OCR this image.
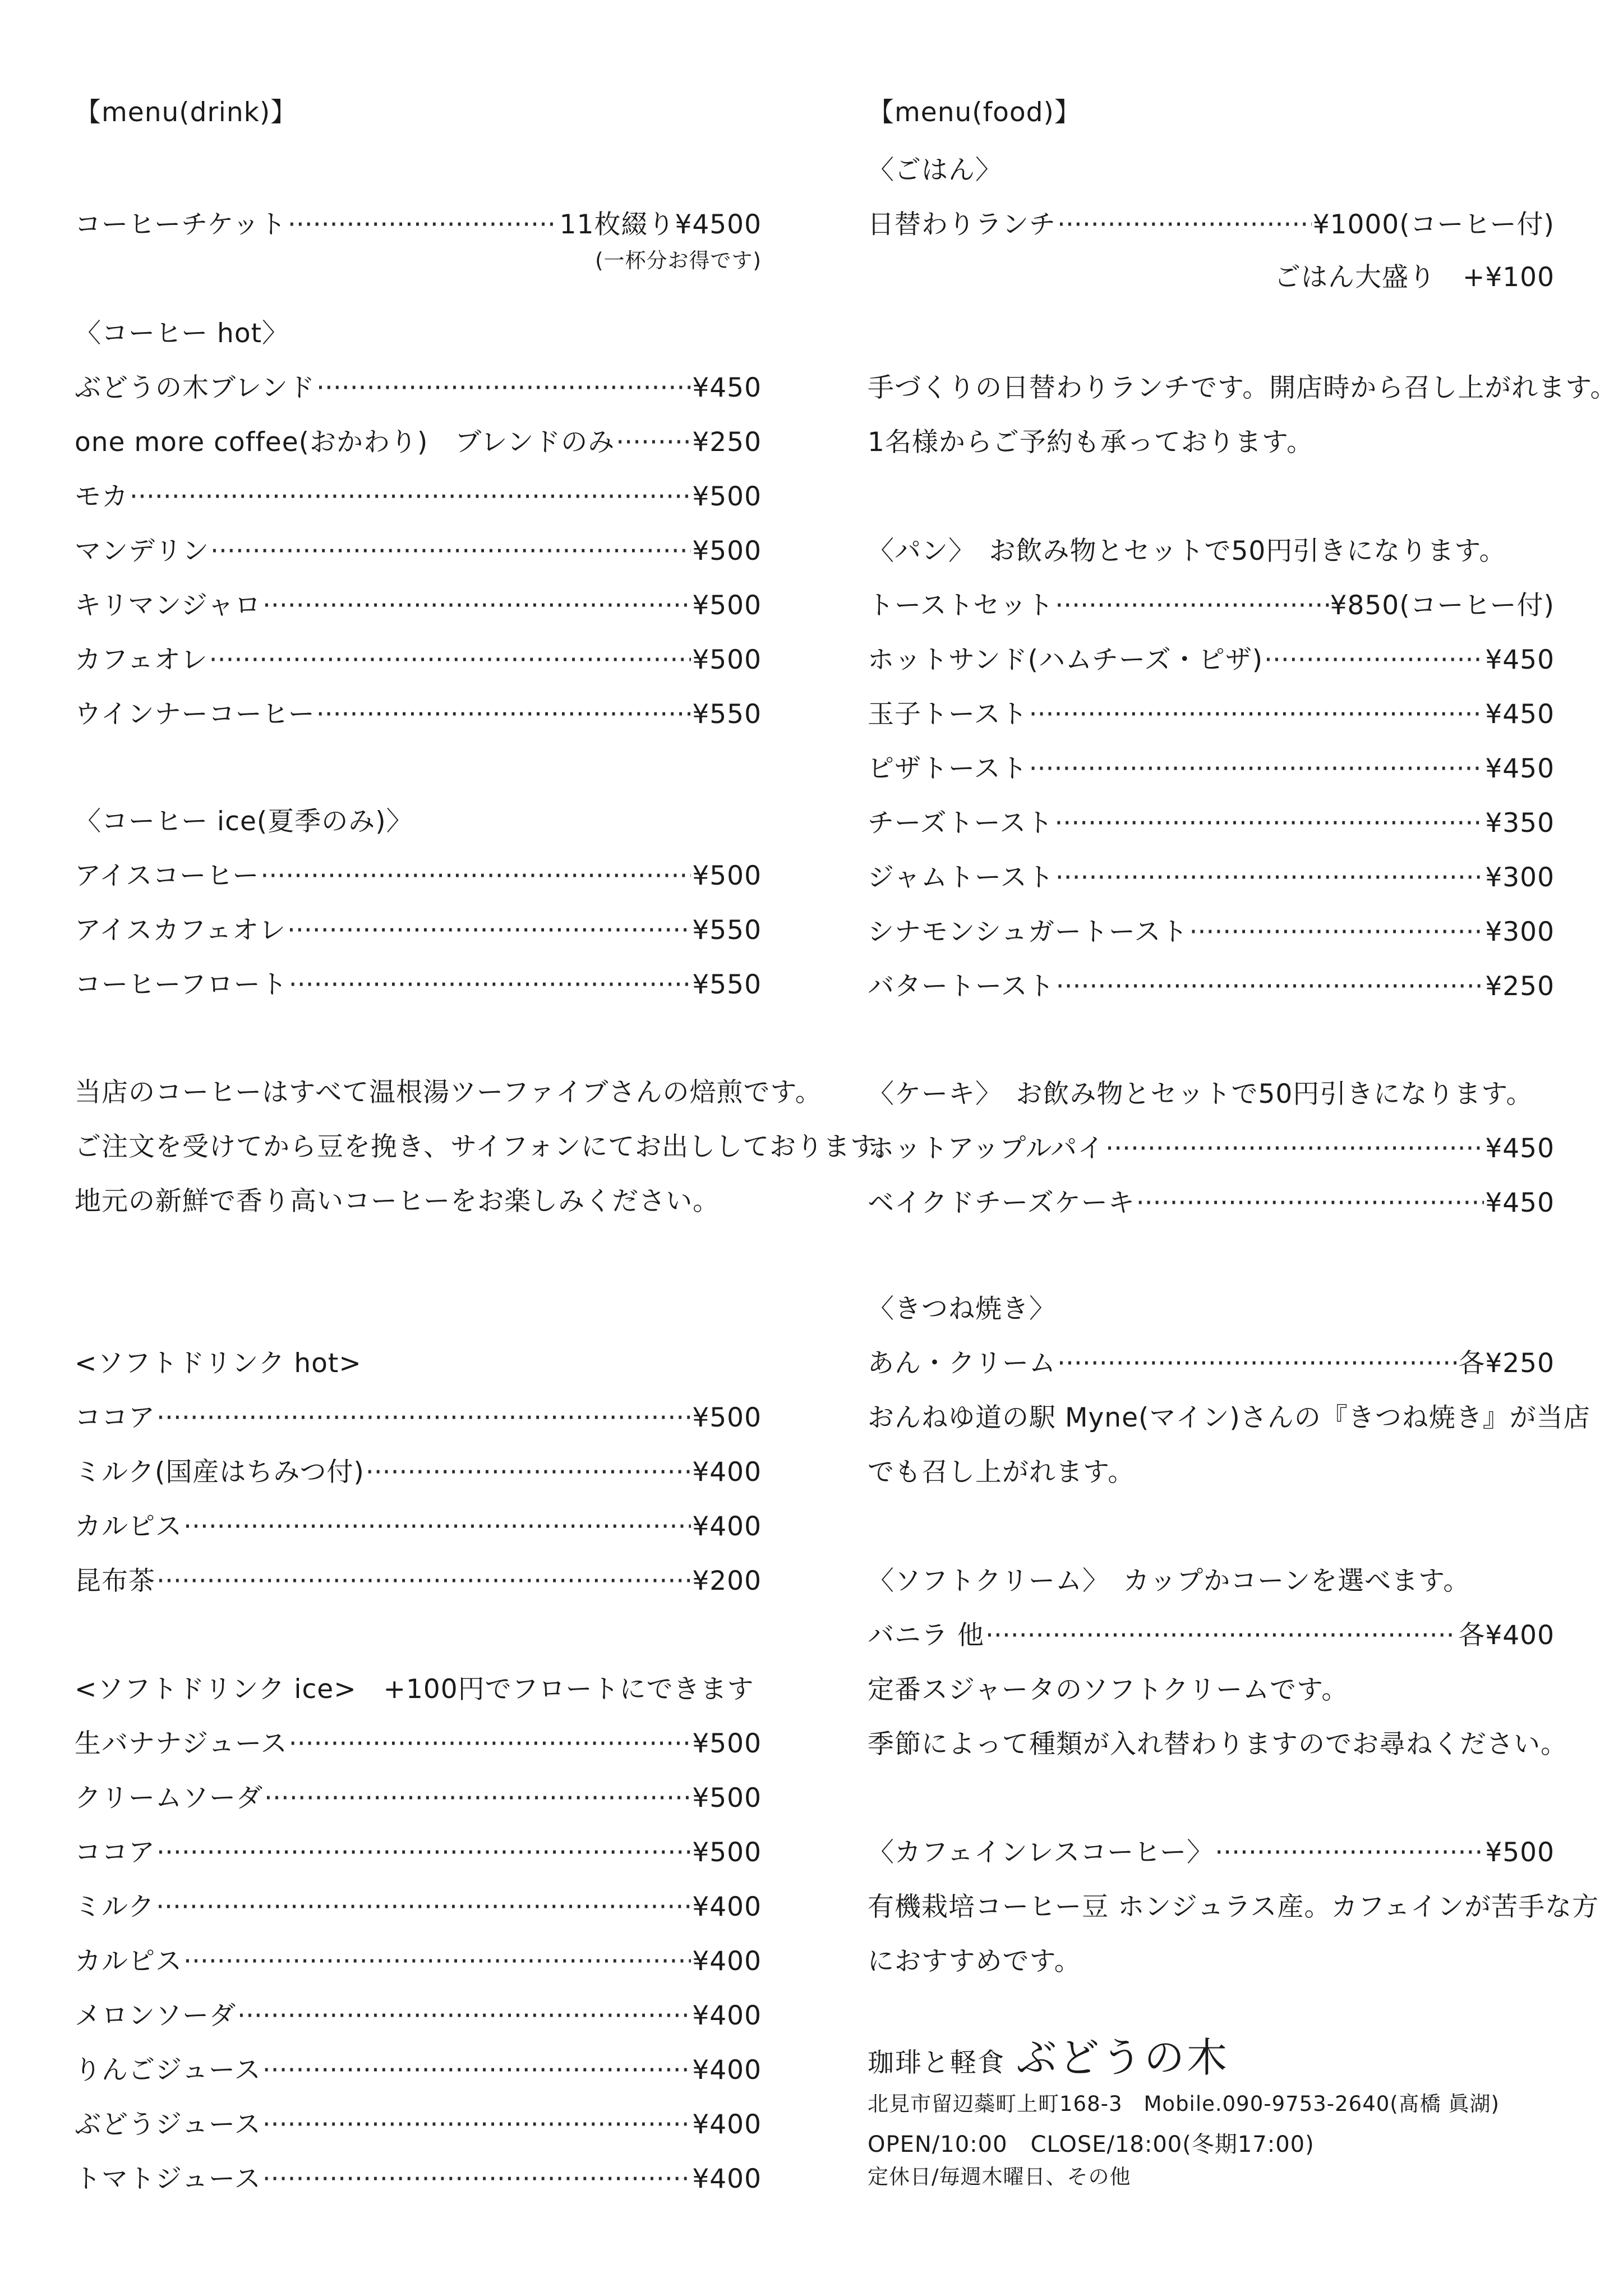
【menu(drink)】
コーヒーチケット ·····	11枚綴り¥4500
(一杯分お得です)
〈コーヒー hot〉
ぶどうの木ブレンド ·····	¥450
one more coffee(おかわり)　ブレンドのみ ·····	¥250
モカ ·····	¥500
マンデリン ·····	¥500
キリマンジャロ ·····	¥500
カフェオレ ·····	¥500
ウインナーコーヒー ·····	¥550
〈コーヒー ice(夏季のみ)〉
アイスコーヒー ·····	¥500
アイスカフェオレ ·····	¥550
コーヒーフロート ·····	¥550
当店のコーヒーはすべて温根湯ツーファイブさんの焙煎です。
ご注文を受けてから豆を挽き、サイフォンにてお出ししております。
地元の新鮮で香り高いコーヒーをお楽しみください。
<ソフトドリンク hot>
ココア ·····	¥500
ミルク(国産はちみつ付) ·····	¥400
カルピス ·····	¥400
昆布茶 ·····	¥200
<ソフトドリンク ice>　+100円でフロートにできます
生バナナジュース ·····	¥500
クリームソーダ ·····	¥500
ココア ·····	¥500
ミルク ·····	¥400
カルピス ·····	¥400
メロンソーダ ·····	¥400
りんごジュース ·····	¥400
ぶどうジュース ·····	¥400
トマトジュース ·····	¥400
【menu(food)】
〈ごはん〉
日替わりランチ ·····	¥1000(コーヒー付)
ごはん大盛り　+¥100
手づくりの日替わりランチです。開店時から召し上がれます。
1名様からご予約も承っております。
〈パン〉　お飲み物とセットで50円引きになります。
トーストセット ·····	¥850(コーヒー付)
ホットサンド(ハムチーズ・ピザ) ·····	¥450
玉子トースト ·····	¥450
ピザトースト ·····	¥450
チーズトースト ·····	¥350
ジャムトースト ·····	¥300
シナモンシュガートースト ·····	¥300
バタートースト ·····	¥250
〈ケーキ〉　お飲み物とセットで50円引きになります。
ホットアップルパイ ·····	¥450
ベイクドチーズケーキ ·····	¥450
〈きつね焼き〉
あん・クリーム ·····	各¥250
おんねゆ道の駅 Myne(マイン)さんの『きつね焼き』が当店
でも召し上がれます。
〈ソフトクリーム〉　カップかコーンを選べます。
バニラ 他 ·····	各¥400
定番スジャータのソフトクリームです。
季節によって種類が入れ替わりますのでお尋ねください。
〈カフェインレスコーヒー〉 ·····	¥500
有機栽培コーヒー豆 ホンジュラス産。カフェインが苦手な方
におすすめです。
珈琲と軽食 ぶどうの木
北見市留辺蘂町上町168-3　Mobile.090-9753-2640(髙橋 眞湖)
OPEN/10:00　CLOSE/18:00(冬期17:00)
定休日/毎週木曜日、その他
